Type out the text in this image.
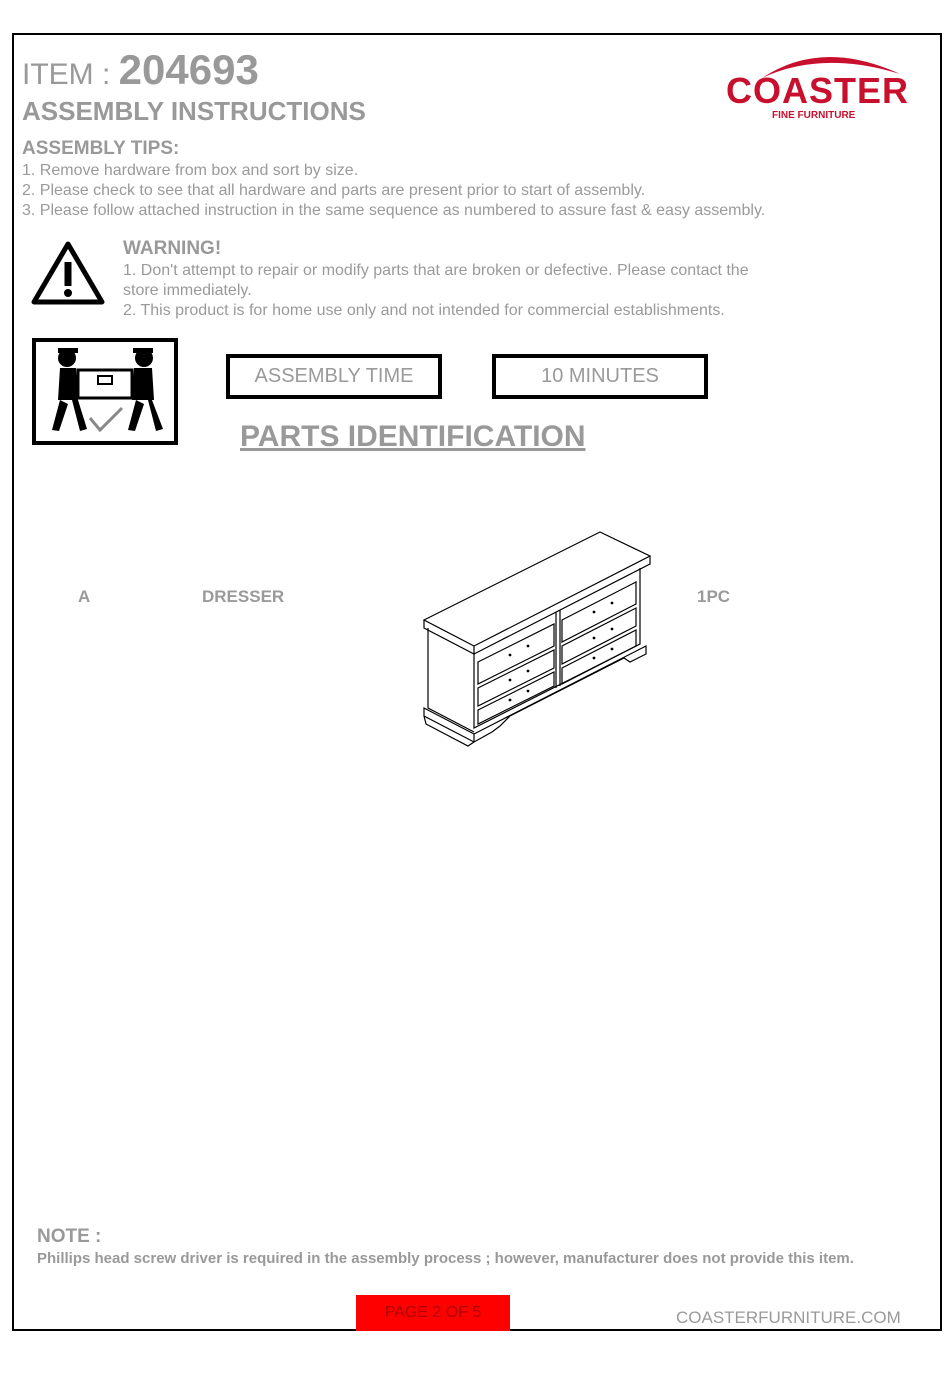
ITEM : 204693
ASSEMBLY INSTRUCTIONS	COASTER
FINE FURNITURE
ASSEMBLY TIPS:
1. Remove hardware from box and sort by size.
2. Please check to see that all hardware and parts are present prior to start of assembly.
3. Please follow attached instruction in the same sequence as numbered to assure fast & easy assembly.
WARNING!
1. Don't attempt to repair or modify parts that are broken or defective. Please contact the
store immediately.
2. This product is for home use only and not intended for commercial establishments.
ASSEMBLY TIME	10 MINUTES
PARTS IDENTIFICATION
A	DRESSER	1PC
NOTE :
Phillips head screw driver is required in the assembly process ; however, manufacturer does not provide this item.
PAGE 2 OF 5	COASTERFURNITURE.COM
